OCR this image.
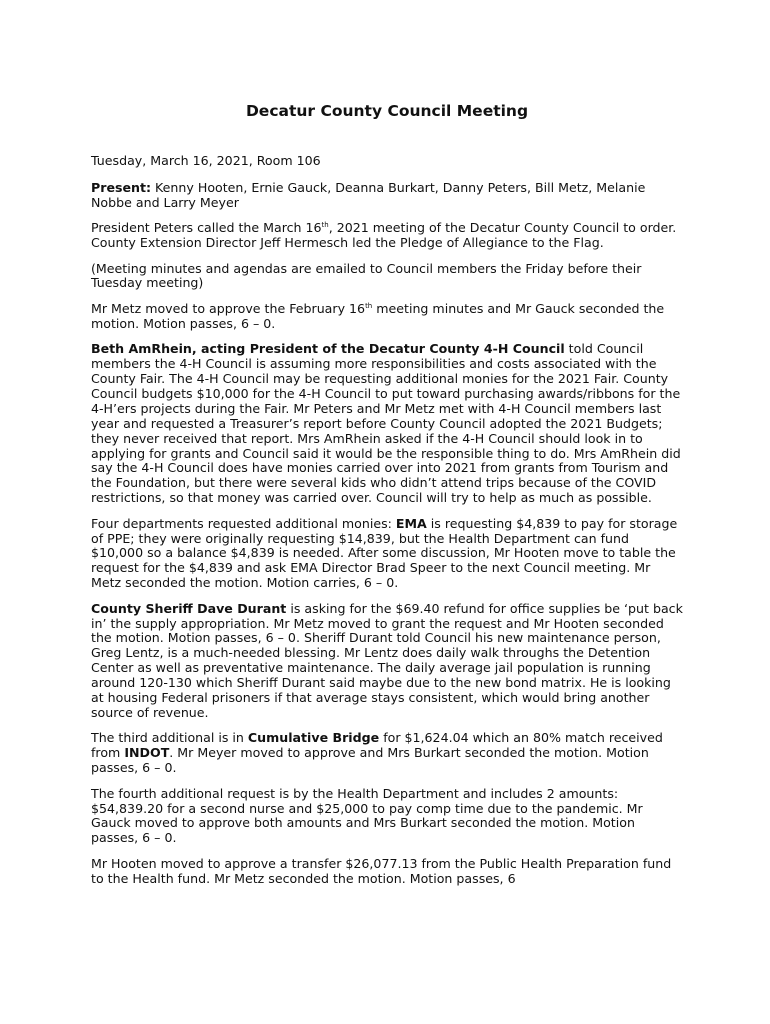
Decatur County Council Meeting

Tuesday, March 16, 2021, Room 106

Present: Kenny Hooten, Ernie Gauck, Deanna Burkart, Danny Peters, Bill Metz, Melanie Nobbe and Larry Meyer

President Peters called the March 16th, 2021 meeting of the Decatur County Council to order. County Extension Director Jeff Hermesch led the Pledge of Allegiance to the Flag.

(Meeting minutes and agendas are emailed to Council members the Friday before their Tuesday meeting)

Mr Metz moved to approve the February 16th meeting minutes and Mr Gauck seconded the motion. Motion passes, 6 – 0.

Beth AmRhein, acting President of the Decatur County 4-H Council told Council members the 4-H Council is assuming more responsibilities and costs associated with the County Fair. The 4-H Council may be requesting additional monies for the 2021 Fair. County Council budgets $10,000 for the 4-H Council to put toward purchasing awards/ribbons for the 4-H’ers projects during the Fair. Mr Peters and Mr Metz met with 4-H Council members last year and requested a Treasurer’s report before County Council adopted the 2021 Budgets; they never received that report. Mrs AmRhein asked if the 4-H Council should look in to applying for grants and Council said it would be the responsible thing to do. Mrs AmRhein did say the 4-H Council does have monies carried over into 2021 from grants from Tourism and the Foundation, but there were several kids who didn’t attend trips because of the COVID restrictions, so that money was carried over. Council will try to help as much as possible.

Four departments requested additional monies: EMA is requesting $4,839 to pay for storage of PPE; they were originally requesting $14,839, but the Health Department can fund $10,000 so a balance $4,839 is needed. After some discussion, Mr Hooten move to table the request for the $4,839 and ask EMA Director Brad Speer to the next Council meeting. Mr Metz seconded the motion. Motion carries, 6 – 0.

County Sheriff Dave Durant is asking for the $69.40 refund for office supplies be ‘put back in’ the supply appropriation. Mr Metz moved to grant the request and Mr Hooten seconded the motion. Motion passes, 6 – 0. Sheriff Durant told Council his new maintenance person, Greg Lentz, is a much-needed blessing. Mr Lentz does daily walk throughs the Detention Center as well as preventative maintenance. The daily average jail population is running around 120-130 which Sheriff Durant said maybe due to the new bond matrix. He is looking at housing Federal prisoners if that average stays consistent, which would bring another source of revenue.

The third additional is in Cumulative Bridge for $1,624.04 which an 80% match received from INDOT. Mr Meyer moved to approve and Mrs Burkart seconded the motion. Motion passes, 6 – 0.

The fourth additional request is by the Health Department and includes 2 amounts: $54,839.20 for a second nurse and $25,000 to pay comp time due to the pandemic. Mr Gauck moved to approve both amounts and Mrs Burkart seconded the motion. Motion passes, 6 – 0.

Mr Hooten moved to approve a transfer $26,077.13 from the Public Health Preparation fund to the Health fund. Mr Metz seconded the motion. Motion passes, 6
